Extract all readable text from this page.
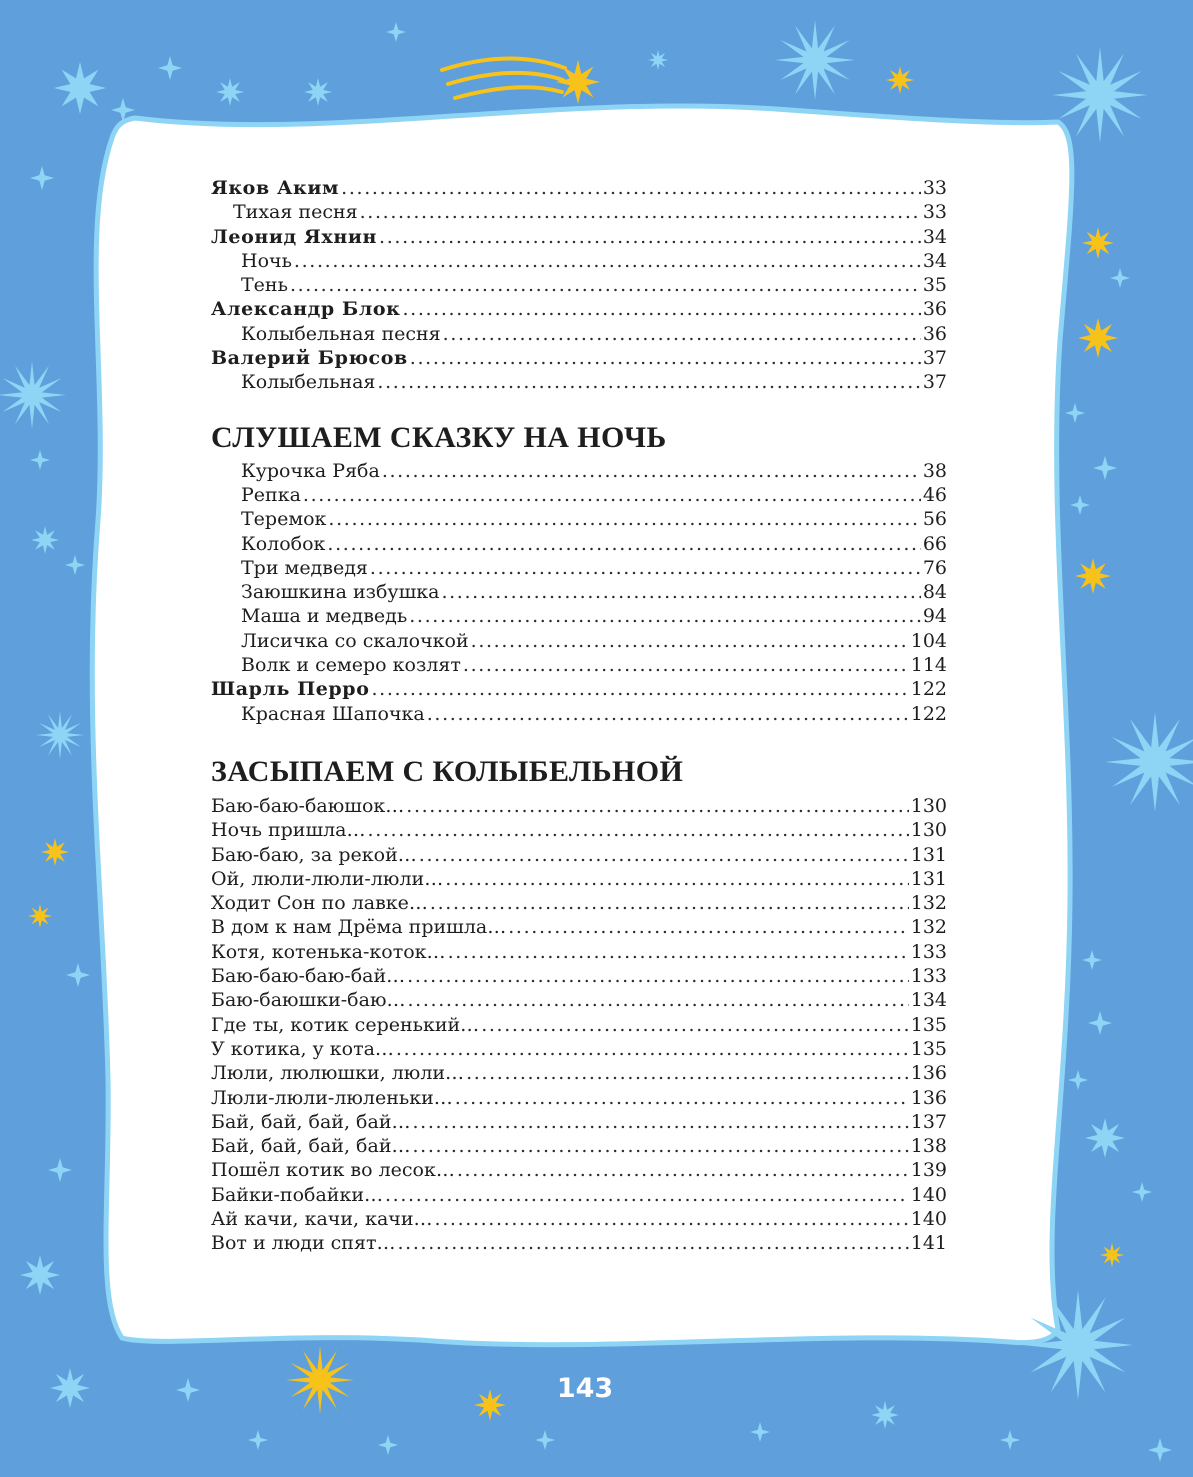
Яков Аким . . .	33
Тихая песня . . .	33
Леонид Яхнин . . .	34
Ночь . . .	34
Тень . . .	35
Александр Блок . . .	36
Колыбельная песня . . .	36
Валерий Брюсов . . .	37
Колыбельная . . .	37
СЛУШАЕМ СКАЗКУ НА НОЧЬ
Курочка Ряба . . .	38
Репка . . .	46
Теремок . . .	56
Колобок . . .	66
Три медведя . . .	76
Заюшкина избушка . . .	84
Маша и медведь . . .	94
Лисичка со скалочкой . . .	104
Волк и семеро козлят . . .	114
Шарль Перро . . .	122
Красная Шапочка . . .	122
ЗАСЫПАЕМ С КОЛЫБЕЛЬНОЙ
Баю-баю-баюшок… . . .	130
Ночь пришла… . . .	130
Баю-баю, за рекой… . . .	131
Ой, люли-люли-люли… . . .	131
Ходит Сон по лавке… . . .	132
В дом к нам Дрёма пришла… . . .	132
Котя, котенька-коток… . . .	133
Баю-баю-баю-бай… . . .	133
Баю-баюшки-баю… . . .	134
Где ты, котик серенький… . . .	135
У котика, у кота… . . .	135
Люли, люлюшки, люли… . . .	136
Люли-люли-люленьки… . . .	136
Бай, бай, бай, бай… . . .	137
Бай, бай, бай, бай… . . .	138
Пошёл котик во лесок… . . .	139
Байки-побайки… . . .	140
Ай качи, качи, качи… . . .	140
Вот и люди спят… . . .	141
143
